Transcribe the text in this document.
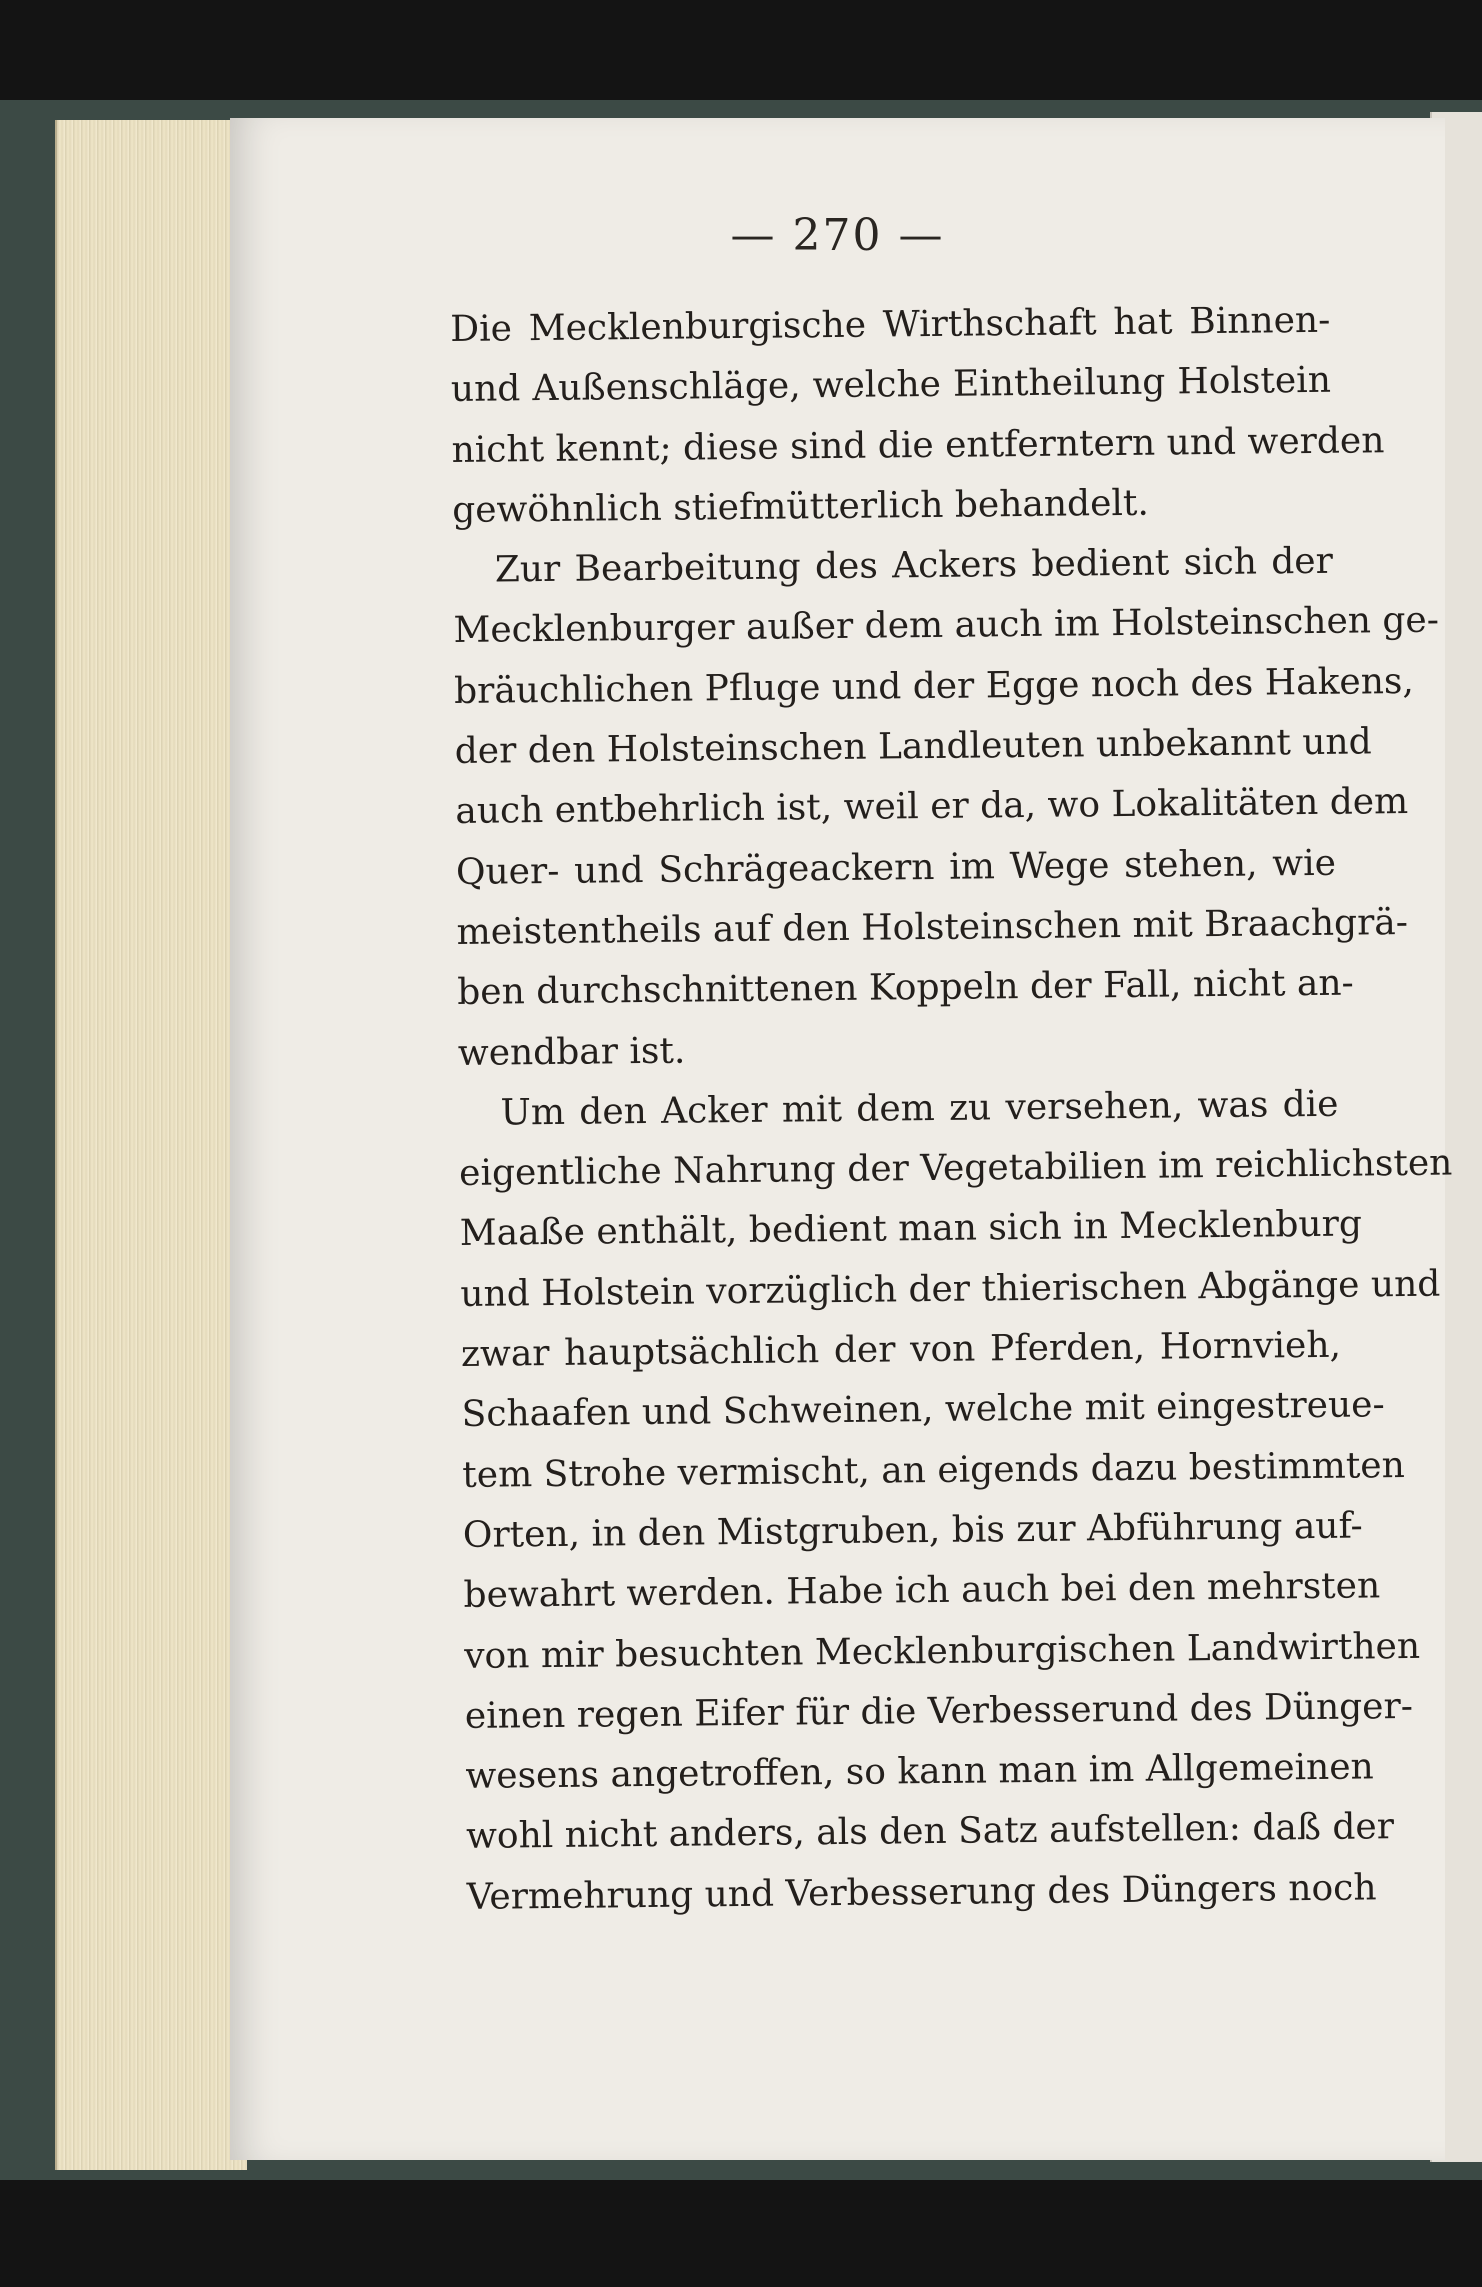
— 270 —
Die Mecklenburgische Wirthschaft hat Binnen-
und Außenschläge, welche Eintheilung Holstein
nicht kennt; diese sind die entferntern und werden
gewöhnlich stiefmütterlich behandelt.
Zur Bearbeitung des Ackers bedient sich der
Mecklenburger außer dem auch im Holsteinschen ge-
bräuchlichen Pfluge und der Egge noch des Hakens,
der den Holsteinschen Landleuten unbekannt und
auch entbehrlich ist, weil er da, wo Lokalitäten dem
Quer- und Schrägeackern im Wege stehen, wie
meistentheils auf den Holsteinschen mit Braachgrä-
ben durchschnittenen Koppeln der Fall, nicht an-
wendbar ist.
Um den Acker mit dem zu versehen, was die
eigentliche Nahrung der Vegetabilien im reichlichsten
Maaße enthält, bedient man sich in Mecklenburg
und Holstein vorzüglich der thierischen Abgänge und
zwar hauptsächlich der von Pferden, Hornvieh,
Schaafen und Schweinen, welche mit eingestreue-
tem Strohe vermischt, an eigends dazu bestimmten
Orten, in den Mistgruben, bis zur Abführung auf-
bewahrt werden. Habe ich auch bei den mehrsten
von mir besuchten Mecklenburgischen Landwirthen
einen regen Eifer für die Verbesserund des Dünger-
wesens angetroffen, so kann man im Allgemeinen
wohl nicht anders, als den Satz aufstellen: daß der
Vermehrung und Verbesserung des Düngers noch
